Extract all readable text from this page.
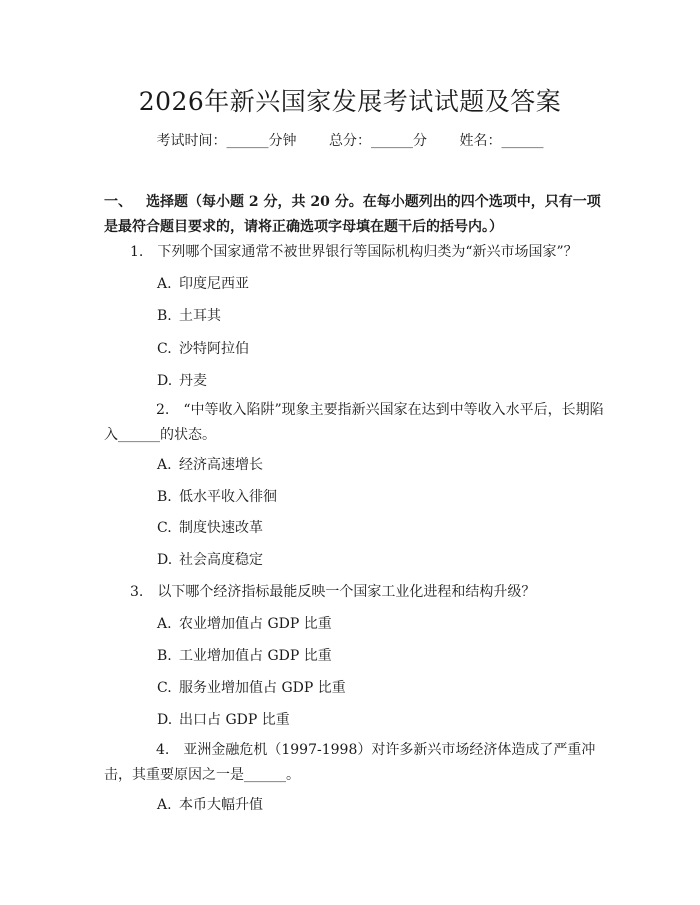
2026年新兴国家发展考试试题及答案
考试时间：______分钟 总分：______分 姓名：______
一、 选择题（每小题 2 分，共 20 分。在每小题列出的四个选项中，只有一项是最符合题目要求的，请将正确选项字母填在题干后的括号内。）
1. 下列哪个国家通常不被世界银行等国际机构归类为“新兴市场国家”？
A. 印度尼西亚
B. 土耳其
C. 沙特阿拉伯
D. 丹麦
2. “中等收入陷阱”现象主要指新兴国家在达到中等收入水平后，长期陷入______的状态。
A. 经济高速增长
B. 低水平收入徘徊
C. 制度快速改革
D. 社会高度稳定
3. 以下哪个经济指标最能反映一个国家工业化进程和结构升级？
A. 农业增加值占 GDP 比重
B. 工业增加值占 GDP 比重
C. 服务业增加值占 GDP 比重
D. 出口占 GDP 比重
4. 亚洲金融危机（1997-1998）对许多新兴市场经济体造成了严重冲击，其重要原因之一是______。
A. 本币大幅升值
